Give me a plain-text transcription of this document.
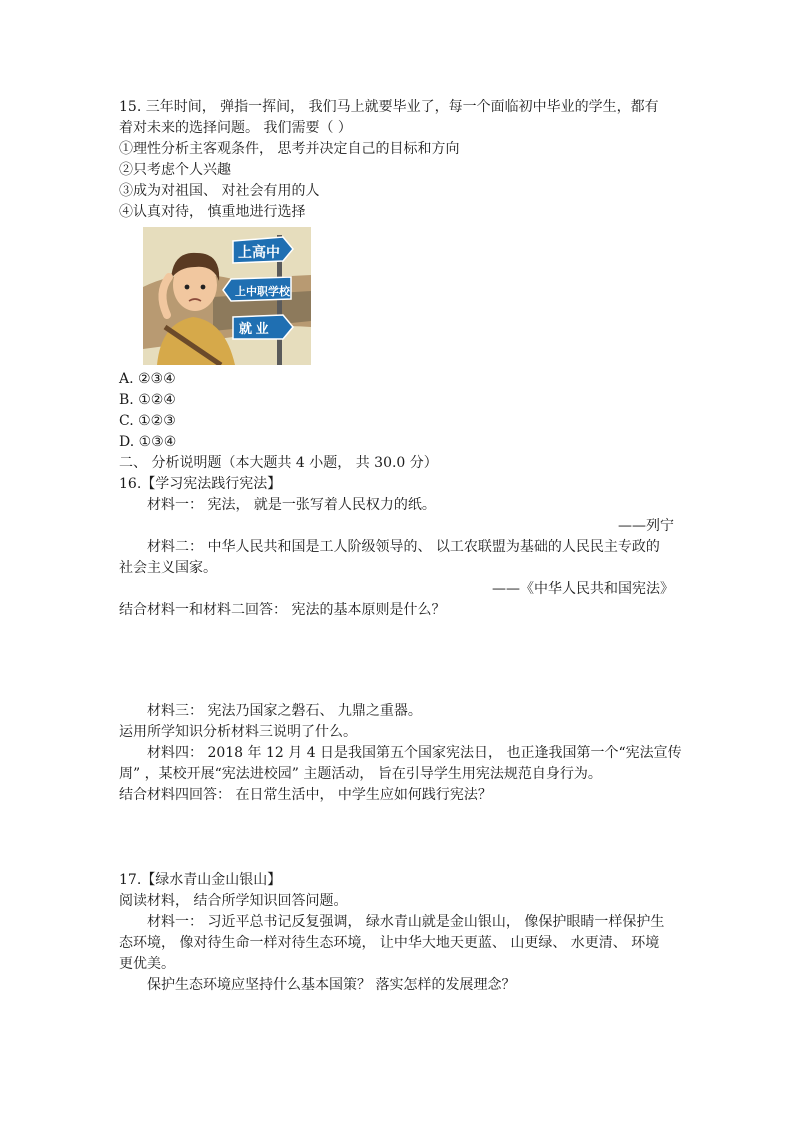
15. 三年时间， 弹指一挥间， 我们马上就要毕业了，每一个面临初中毕业的学生，都有
着对未来的选择问题。 我们需要（ ）
①理性分析主客观条件， 思考并决定自己的目标和方向
②只考虑个人兴趣
③成为对祖国、 对社会有用的人
④认真对待， 慎重地进行选择
上高中
上中职学校
就 业
A. ②③④
B. ①②④
C. ①②③
D. ①③④
二、 分析说明题（本大题共 4 小题， 共 30.0 分）
16.【学习宪法践行宪法】
材料一： 宪法， 就是一张写着人民权力的纸。
——列宁
材料二： 中华人民共和国是工人阶级领导的、 以工农联盟为基础的人民民主专政的
社会主义国家。
——《中华人民共和国宪法》
结合材料一和材料二回答： 宪法的基本原则是什么？
材料三： 宪法乃国家之磐石、 九鼎之重器。
运用所学知识分析材料三说明了什么。
材料四： 2018 年 12 月 4 日是我国第五个国家宪法日， 也正逢我国第一个“宪法宣传
周” ，某校开展“宪法进校园” 主题活动， 旨在引导学生用宪法规范自身行为。
结合材料四回答： 在日常生活中， 中学生应如何践行宪法？
17.【绿水青山金山银山】
阅读材料， 结合所学知识回答问题。
材料一： 习近平总书记反复强调， 绿水青山就是金山银山， 像保护眼睛一样保护生
态环境， 像对待生命一样对待生态环境， 让中华大地天更蓝、 山更绿、 水更清、 环境
更优美。
保护生态环境应坚持什么基本国策？ 落实怎样的发展理念？
